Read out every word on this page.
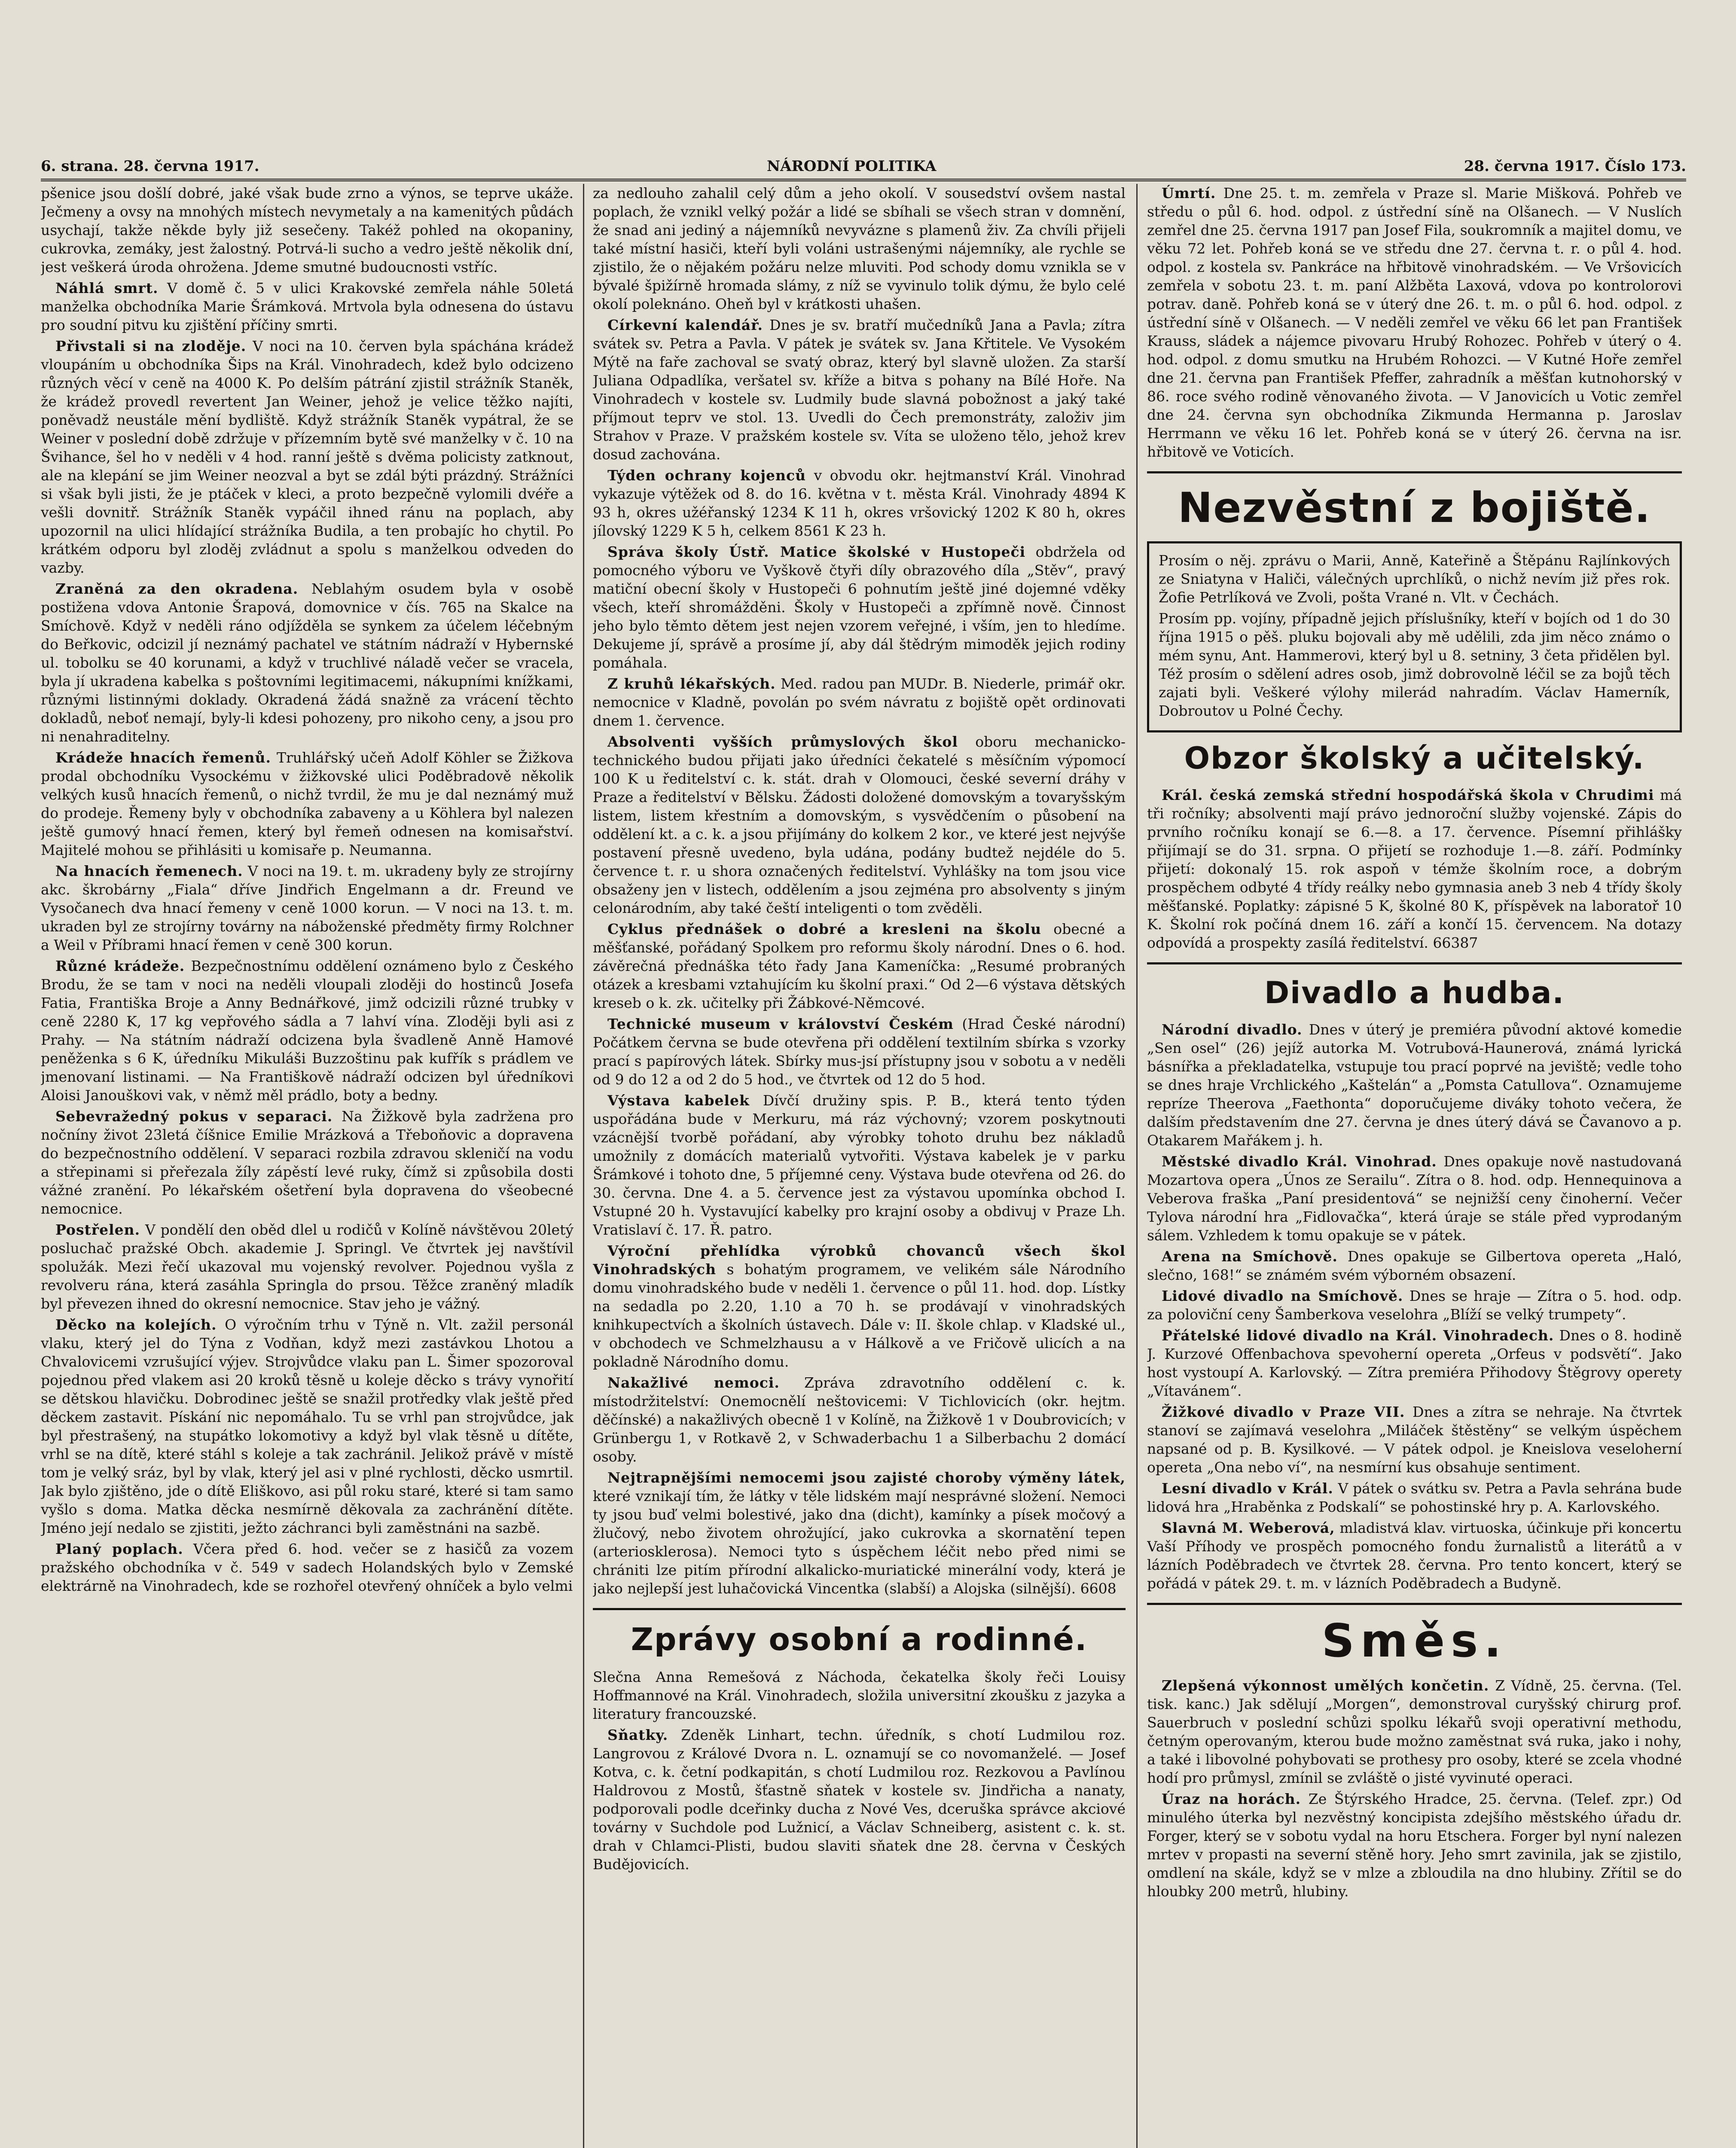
6. strana. 28. června 1917.	NÁRODNÍ POLITIKA	28. června 1917. Číslo 173.

pšenice jsou došlí dobré, jaké však bude zrno a výnos, se teprve ukáže. Ječmeny a ovsy na mnohých místech nevymetaly a na kamenitých půdách usychají, takže někde byly již sesečeny. Takéž pohled na okopaniny, cukrovka, zemáky, jest žalostný. Potrvá-li sucho a vedro ještě několik dní, jest veškerá úroda ohrožena. Jdeme smutné budoucnosti vstříc.

Náhlá smrt. V domě č. 5 v ulici Krakovské zemřela náhle 50letá manželka obchodníka Marie Šrámková. Mrtvola byla odnesena do ústavu pro soudní pitvu ku zjištění příčiny smrti.

Přivstali si na zloděje. V noci na 10. červen byla spáchána krádež vloupáním u obchodníka Šips na Král. Vinohradech, kdež bylo odcizeno různých věcí v ceně na 4000 K. Po delším pátrání zjistil strážník Staněk, že krádež provedl revertent Jan Weiner, jehož je velice těžko najíti, poněvadž neustále mění bydliště. Když strážník Staněk vypátral, že se Weiner v poslední době zdržuje v přízemním bytě své manželky v č. 10 na Švihance, šel ho v neděli v 4 hod. ranní ještě s dvěma policisty zatknout, ale na klepání se jim Weiner neozval a byt se zdál býti prázdný. Strážníci si však byli jisti, že je ptáček v kleci, a proto bezpečně vylomili dvéře a vešli dovnitř. Strážník Staněk vypáčil ihned ránu na poplach, aby upozornil na ulici hlídající strážníka Budila, a ten probajíc ho chytil. Po krátkém odporu byl zloděj zvládnut a spolu s manželkou odveden do vazby.

Zraněná za den okradena. Neblahým osudem byla v osobě postižena vdova Antonie Šrapová, domovnice v čís. 765 na Skalce na Smíchově. Když v neděli ráno odjížděla se synkem za účelem léčebným do Beřkovic, odcizil jí neznámý pachatel ve státním nádraží v Hybernské ul. tobolku se 40 korunami, a když v truchlivé náladě večer se vracela, byla jí ukradena kabelka s poštovními legitimacemi, nákupními knížkami, různými listinnými doklady. Okradená žádá snažně za vrácení těchto dokladů, neboť nemají, byly-li kdesi pohozeny, pro nikoho ceny, a jsou pro ni nenahraditelny.

Krádeže hnacích řemenů. Truhlářský učeň Adolf Köhler se Žižkova prodal obchodníku Vysockému v žižkovské ulici Poděbradově několik velkých kusů hnacích řemenů, o nichž tvrdil, že mu je dal neznámý muž do prodeje. Řemeny byly v obchodníka zabaveny a u Köhlera byl nalezen ještě gumový hnací řemen, který byl řemeň odnesen na komisařství. Majitelé mohou se přihlásiti u komisaře p. Neumanna.

Na hnacích řemenech. V noci na 19. t. m. ukradeny byly ze strojírny akc. škrobárny „Fiala“ dříve Jindřich Engelmann a dr. Freund ve Vysočanech dva hnací řemeny v ceně 1000 korun. — V noci na 13. t. m. ukraden byl ze strojírny továrny na náboženské předměty firmy Rolchner a Weil v Příbrami hnací řemen v ceně 300 korun.

Různé krádeže. Bezpečnostnímu oddělení oznámeno bylo z Českého Brodu, že se tam v noci na neděli vloupali zloději do hostinců Josefa Fatia, Františka Broje a Anny Bednářkové, jimž odcizili různé trubky v ceně 2280 K, 17 kg vepřového sádla a 7 lahví vína. Zloději byli asi z Prahy. — Na státním nádraží odcizena byla švadleně Anně Hamové peněženka s 6 K, úředníku Mikuláši Buzzoštinu pak kufřík s prádlem ve jmenovaní listinami. — Na Františkově nádraží odcizen byl úředníkovi Aloisi Janouškovi vak, v němž měl prádlo, boty a bedny.

Sebevražedný pokus v separaci. Na Žižkově byla zadržena pro nočníny život 23letá číšnice Emilie Mrázková a Třeboňovic a dopravena do bezpečnostního oddělení. V separaci rozbila zdravou skleničí na vodu a střepinami si přeřezala žíly zápěstí levé ruky, čímž si způsobila dosti vážné zranění. Po lékařském ošetření byla dopravena do všeobecné nemocnice.

Postřelen. V pondělí den oběd dlel u rodičů v Kolíně návštěvou 20letý posluchač pražské Obch. akademie J. Springl. Ve čtvrtek jej navštívil spolužák. Mezi řečí ukazoval mu vojenský revolver. Pojednou vyšla z revolveru rána, která zasáhla Springla do prsou. Těžce zraněný mladík byl převezen ihned do okresní nemocnice. Stav jeho je vážný.

Děcko na kolejích. O výročním trhu v Týně n. Vlt. zažil personál vlaku, který jel do Týna z Vodňan, když mezi zastávkou Lhotou a Chvalovicemi vzrušující výjev. Strojvůdce vlaku pan L. Šimer spozoroval pojednou před vlakem asi 20 kroků těsně u koleje děcko s trávy vynořití se dětskou hlavičku. Dobrodinec ještě se snažil protředky vlak ještě před děckem zastavit. Pískání nic nepomáhalo. Tu se vrhl pan strojvůdce, jak byl přestrašený, na stupátko lokomotivy a když byl vlak těsně u dítěte, vrhl se na dítě, které stáhl s koleje a tak zachránil. Jelikož právě v místě tom je velký sráz, byl by vlak, který jel asi v plné rychlosti, děcko usmrtil. Jak bylo zjištěno, jde o dítě Eliškovo, asi půl roku staré, které si tam samo vyšlo s doma. Matka děcka nesmírně děkovala za zachránění dítěte. Jméno její nedalo se zjistiti, ježto záchranci byli zaměstnáni na sazbě.

Planý poplach. Včera před 6. hod. večer se z hasičů za vozem pražského obchodníka v č. 549 v sadech Holandských bylo v Zemské elektrárně na Vinohradech, kde se rozhořel otevřený ohníček a bylo velmi

za nedlouho zahalil celý dům a jeho okolí. V sousedství ovšem nastal poplach, že vznikl velký požár a lidé se sbíhali se všech stran v domnění, že snad ani jediný a nájemníků nevyvázne s plamenů živ. Za chvíli přijeli také místní hasiči, kteří byli voláni ustrašenými nájemníky, ale rychle se zjistilo, že o nějakém požáru nelze mluviti. Pod schody domu vznikla se v bývalé špižírně hromada slámy, z níž se vyvinulo tolik dýmu, že bylo celé okolí poleknáno. Oheň byl v krátkosti uhašen.

Církevní kalendář. Dnes je sv. bratří mučedníků Jana a Pavla; zítra svátek sv. Petra a Pavla. V pátek je svátek sv. Jana Křtitele. Ve Vysokém Mýtě na faře zachoval se svatý obraz, který byl slavně uložen. Za starší Juliana Odpadlíka, veršatel sv. kříže a bitva s pohany na Bílé Hoře. Na Vinohradech v kostele sv. Ludmily bude slavná pobožnost a jaký také příjmout teprv ve stol. 13. Uvedli do Čech premonstráty, založiv jim Strahov v Praze. V pražském kostele sv. Víta se uloženo tělo, jehož krev dosud zachována.

Týden ochrany kojenců v obvodu okr. hejtmanství Král. Vinohrad vykazuje výtěžek od 8. do 16. května v t. města Král. Vinohrady 4894 K 93 h, okres užéřanský 1234 K 11 h, okres vršovický 1202 K 80 h, okres jílovský 1229 K 5 h, celkem 8561 K 23 h.

Správa školy Ústř. Matice školské v Hustopeči obdržela od pomocného výboru ve Vyškově čtyři díly obrazového díla „Stěv“, pravý matiční obecní školy v Hustopeči 6 pohnutím ještě jiné dojemné vděky všech, kteří shromážděni. Školy v Hustopeči a zpřímně nově. Činnost jeho bylo těmto dětem jest nejen vzorem veřejné, i vším, jen to hledíme. Dekujeme jí, správě a prosíme jí, aby dál štědrým mimoděk jejich rodiny pomáhala.

Z kruhů lékařských. Med. radou pan MUDr. B. Niederle, primář okr. nemocnice v Kladně, povolán po svém návratu z bojiště opět ordinovati dnem 1. července.

Absolventi vyšších průmyslových škol oboru mechanicko-technického budou přijati jako úředníci čekatelé s měsíčním výpomocí 100 K u ředitelství c. k. stát. drah v Olomouci, české severní dráhy v Praze a ředitelství v Bělsku. Žádosti doložené domovským a tovaryšským listem, listem křestním a domovským, s vysvědčením o působení na oddělení kt. a c. k. a jsou přijímány do kolkem 2 kor., ve které jest nejvýše postavení přesně uvedeno, byla udána, podány budtež nejdéle do 5. července t. r. u shora označených ředitelství. Vyhlášky na tom jsou vice obsaženy jen v listech, oddělením a jsou zejména pro absolventy s jiným celonárodním, aby také čeští inteligenti o tom zvěděli.

Cyklus přednášek o dobré a kresleni na školu obecné a měšťanské, pořádaný Spolkem pro reformu školy národní. Dnes o 6. hod. závěrečná přednáška této řady Jana Kameníčka: „Resumé probraných otázek a kresbami vztahujícím ku školní praxi.“ Od 2—6 výstava dětských kreseb o k. zk. učitelky při Žábkové-Němcové.

Technické museum v království Českém (Hrad České národní) Počátkem června se bude otevřena při oddělení textilním sbírka s vzorky prací s papírových látek. Sbírky mus-jsí přístupny jsou v sobotu a v neděli od 9 do 12 a od 2 do 5 hod., ve čtvrtek od 12 do 5 hod.

Výstava kabelek Dívčí družiny spis. P. B., která tento týden uspořádána bude v Merkuru, má ráz výchovný; vzorem poskytnouti vzácnější tvorbě pořádaní, aby výrobky tohoto druhu bez nákladů umožnily z domácích materialů vytvořiti. Výstava kabelek je v parku Šrámkové i tohoto dne, 5 příjemné ceny. Výstava bude otevřena od 26. do 30. června. Dne 4. a 5. července jest za výstavou upomínka obchod I. Vstupné 20 h. Vystavující kabelky pro krajní osoby a obdivuj v Praze Lh. Vratislaví č. 17. Ř. patro.

Výroční přehlídka výrobků chovanců všech škol Vinohradských s bohatým programem, ve velikém sále Národního domu vinohradského bude v neděli 1. července o půl 11. hod. dop. Lístky na sedadla po 2.20, 1.10 a 70 h. se prodávají v vinohradských knihkupectvích a školních ústavech. Dále v: II. škole chlap. v Kladské ul., v obchodech ve Schmelzhausu a v Hálkově a ve Fričově ulicích a na pokladně Národního domu.

Nakažlivé nemoci. Zpráva zdravotního oddělení c. k. místodržitelství: Onemocnělí neštovicemi: V Tichlovicích (okr. hejtm. děčínské) a nakažlivých obecně 1 v Kolíně, na Žižkově 1 v Doubrovicích; v Grünbergu 1, v Rotkavě 2, v Schwaderbachu 1 a Silberbachu 2 domácí osoby.

Nejtrapnějšími nemocemi jsou zajisté choroby výměny látek, které vznikají tím, že látky v těle lidském mají nesprávné složení. Nemoci ty jsou buď velmi bolestivé, jako dna (dicht), kamínky a písek močový a žlučový, nebo životem ohrožující, jako cukrovka a skornatění tepen (arteriosklerosa). Nemoci tyto s úspěchem léčit nebo před nimi se chrániti lze pitím přírodní alkalicko-muriatické minerální vody, která je jako nejlepší jest luhačovická Vincentka (slabší) a Alojska (silnější). 6608

Zprávy osobní a rodinné.

Slečna Anna Remešová z Náchoda, čekatelka školy řeči Louisy Hoffmannové na Král. Vinohradech, složila universitní zkoušku z jazyka a literatury francouzské.

Sňatky. Zdeněk Linhart, techn. úředník, s chotí Ludmilou roz. Langrovou z Králové Dvora n. L. oznamují se co novomanželé. — Josef Kotva, c. k. četní podkapitán, s chotí Ludmilou roz. Rezkovou a Pavlínou Haldrovou z Mostů, šťastně sňatek v kostele sv. Jindřicha a nanaty, podporovali podle dceřinky ducha z Nové Ves, dceruška správce akciové továrny v Suchdole pod Lužnicí, a Václav Schneiberg, asistent c. k. st. drah v Chlamci-Plisti, budou slaviti sňatek dne 28. června v Českých Budějovicích.

Úmrtí. Dne 25. t. m. zemřela v Praze sl. Marie Mišková. Pohřeb ve středu o půl 6. hod. odpol. z ústřední síně na Olšanech. — V Nuslích zemřel dne 25. června 1917 pan Josef Fila, soukromník a majitel domu, ve věku 72 let. Pohřeb koná se ve středu dne 27. června t. r. o půl 4. hod. odpol. z kostela sv. Pankráce na hřbitově vinohradském. — Ve Vršovicích zemřela v sobotu 23. t. m. paní Alžběta Laxová, vdova po kontrolorovi potrav. daně. Pohřeb koná se v úterý dne 26. t. m. o půl 6. hod. odpol. z ústřední síně v Olšanech. — V neděli zemřel ve věku 66 let pan František Krauss, sládek a nájemce pivovaru Hrubý Rohozec. Pohřeb v úterý o 4. hod. odpol. z domu smutku na Hrubém Rohozci. — V Kutné Hoře zemřel dne 21. června pan František Pfeffer, zahradník a měšťan kutnohorský v 86. roce svého rodině věnovaného života. — V Janovicích u Votic zemřel dne 24. června syn obchodníka Zikmunda Hermanna p. Jaroslav Herrmann ve věku 16 let. Pohřeb koná se v úterý 26. června na isr. hřbitově ve Voticích.

Nezvěstní z bojiště.

Prosím o něj. zprávu o Marii, Anně, Kateřině a Štěpánu Rajlínkových ze Sniatyna v Haliči, válečných uprchlíků, o nichž nevím již přes rok. Žofie Petrlíková ve Zvoli, pošta Vrané n. Vlt. v Čechách.

Prosím pp. vojíny, případně jejich příslušníky, kteří v bojích od 1 do 30 října 1915 o pěš. pluku bojovali aby mě udělili, zda jim něco známo o mém synu, Ant. Hammerovi, který byl u 8. setniny, 3 četa přidělen byl. Též prosím o sdělení adres osob, jimž dobrovolně léčil se za bojů těch zajati byli. Veškeré výlohy milerád nahradím. Václav Hamerník, Dobroutov u Polné Čechy.

Obzor školský a učitelský.

Král. česká zemská střední hospodářská škola v Chrudimi má tři ročníky; absolventi mají právo jednoroční služby vojenské. Zápis do prvního ročníku konají se 6.—8. a 17. července. Písemní přihlášky přijímají se do 31. srpna. O přijetí se rozhoduje 1.—8. září. Podmínky přijetí: dokonalý 15. rok aspoň v témže školním roce, a dobrým prospěchem odbyté 4 třídy reálky nebo gymnasia aneb 3 neb 4 třídy školy měšťanské. Poplatky: zápisné 5 K, školné 80 K, příspěvek na laboratoř 10 K. Školní rok počíná dnem 16. září a končí 15. červencem. Na dotazy odpovídá a prospekty zasílá ředitelství. 66387

Divadlo a hudba.

Národní divadlo. Dnes v úterý je premiéra původní aktové komedie „Sen osel“ (26) jejíž autorka M. Votrubová-Haunerová, známá lyrická básnířka a překladatelka, vstupuje tou prací poprvé na jeviště; vedle toho se dnes hraje Vrchlického „Kaštelán“ a „Pomsta Catullova“. Oznamujeme repríze Theerova „Faethonta“ doporučujeme diváky tohoto večera, že dalším představením dne 27. června je dnes úterý dává se Čavanovo a p. Otakarem Mařákem j. h.

Městské divadlo Král. Vinohrad. Dnes opakuje nově nastudovaná Mozartova opera „Únos ze Serailu“. Zítra o 8. hod. odp. Hennequinova a Veberova fraška „Paní presidentová“ se nejnižší ceny činoherní. Večer Tylova národní hra „Fidlovačka“, která úraje se stále před vyprodaným sálem. Vzhledem k tomu opakuje se v pátek.

Arena na Smíchově. Dnes opakuje se Gilbertova opereta „Haló, slečno, 168!“ se známém svém výborném obsazení.

Lidové divadlo na Smíchově. Dnes se hraje — Zítra o 5. hod. odp. za poloviční ceny Šamberkova veselohra „Blíží se velký trumpety“.

Přátelské lidové divadlo na Král. Vinohradech. Dnes o 8. hodině J. Kurzové Offenbachova spevoherní opereta „Orfeus v podsvětí“. Jako host vystoupí A. Karlovský. — Zítra premiéra Přihodovy Štěgrovy operety „Vítavánem“.

Žižkové divadlo v Praze VII. Dnes a zítra se nehraje. Na čtvrtek stanoví se zajímavá veselohra „Miláček štěstěny“ se velkým úspěchem napsané od p. B. Kysilkové. — V pátek odpol. je Kneislova veseloherní opereta „Ona nebo ví“, na nesmírní kus obsahuje sentiment.

Lesní divadlo v Král. V pátek o svátku sv. Petra a Pavla sehrána bude lidová hra „Hraběnka z Podskalí“ se pohostinské hry p. A. Karlovského.

Slavná M. Weberová, mladistvá klav. virtuoska, účinkuje při koncertu Vaší Příhody ve prospěch pomocného fondu žurnalistů a literátů a v lázních Poděbradech ve čtvrtek 28. června. Pro tento koncert, který se pořádá v pátek 29. t. m. v lázních Poděbradech a Budyně.

Směs.

Zlepšená výkonnost umělých končetin. Z Vídně, 25. června. (Tel. tisk. kanc.) Jak sdělují „Morgen“, demonstroval curyšský chirurg prof. Sauerbruch v poslední schůzi spolku lékařů svoji operativní methodu, četným operovaným, kterou bude možno zaměstnat svá ruka, jako i nohy, a také i libovolné pohybovati se prothesy pro osoby, které se zcela vhodné hodí pro průmysl, zmínil se zvláště o jisté vyvinuté operaci.

Úraz na horách. Ze Štýrského Hradce, 25. června. (Telef. zpr.) Od minulého úterka byl nezvěstný koncipista zdejšího městského úřadu dr. Forger, který se v sobotu vydal na horu Etschera. Forger byl nyní nalezen mrtev v propasti na severní stěně hory. Jeho smrt zavinila, jak se zjistilo, omdlení na skále, když se v mlze a zbloudila na dno hlubiny. Zřítil se do hloubky 200 metrů, hlubiny.
